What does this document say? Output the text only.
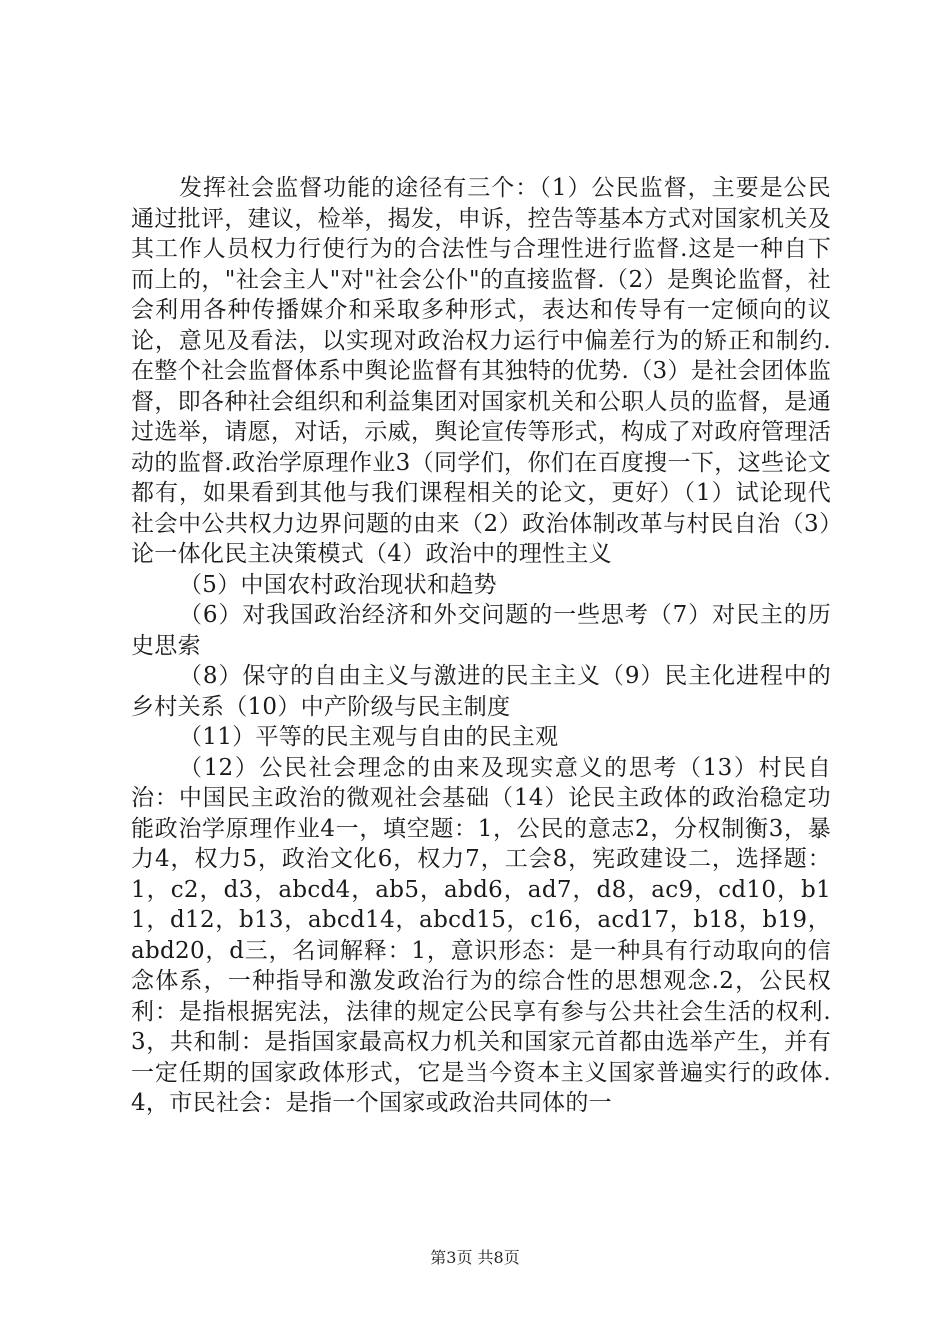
发挥社会监督功能的途径有三个：（1）公民监督，主要是公民通过批评，建议，检举，揭发，申诉，控告等基本方式对国家机关及其工作人员权力行使行为的合法性与合理性进行监督.这是一种自下而上的，"社会主人"对"社会公仆"的直接监督.（2）是舆论监督，社会利用各种传播媒介和采取多种形式，表达和传导有一定倾向的议论，意见及看法，以实现对政治权力运行中偏差行为的矫正和制约.在整个社会监督体系中舆论监督有其独特的优势.（3）是社会团体监督，即各种社会组织和利益集团对国家机关和公职人员的监督，是通过选举，请愿，对话，示威，舆论宣传等形式，构成了对政府管理活动的监督.政治学原理作业3（同学们，你们在百度搜一下，这些论文都有，如果看到其他与我们课程相关的论文，更好）（1）试论现代社会中公共权力边界问题的由来（2）政治体制改革与村民自治（3）论一体化民主决策模式（4）政治中的理性主义

（5）中国农村政治现状和趋势

（6）对我国政治经济和外交问题的一些思考（7）对民主的历史思索

（8）保守的自由主义与激进的民主主义（9）民主化进程中的乡村关系（10）中产阶级与民主制度

（11）平等的民主观与自由的民主观

（12）公民社会理念的由来及现实意义的思考（13）村民自治：中国民主政治的微观社会基础（14）论民主政体的政治稳定功能政治学原理作业4一，填空题：1，公民的意志2，分权制衡3，暴力4，权力5，政治文化6，权力7，工会8，宪政建设二，选择题：1，c2，d3，abcd4，ab5，abd6，ad7，d8，ac9，cd10，b11，d12，b13，abcd14，abcd15，c16，acd17，b18，b19，abd20，d三，名词解释：1，意识形态：是一种具有行动取向的信念体系，一种指导和激发政治行为的综合性的思想观念.2，公民权利：是指根据宪法，法律的规定公民享有参与公共社会生活的权利.3，共和制：是指国家最高权力机关和国家元首都由选举产生，并有一定任期的国家政体形式，它是当今资本主义国家普遍实行的政体.4，市民社会：是指一个国家或政治共同体的一

第3页 共8页
